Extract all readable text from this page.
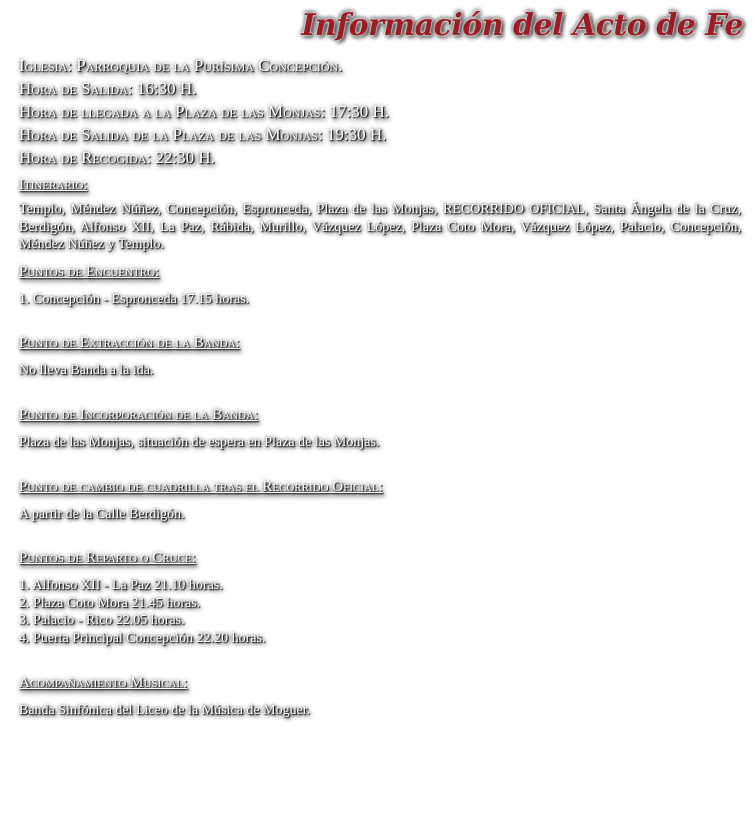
Información del Acto de Fe
Iglesia: Parroquia de la Purísima Concepción.
Hora de Salida: 16:30 H.
Hora de llegada a la Plaza de las Monjas: 17:30 H.
Hora de Salida de la Plaza de las Monjas: 19:30 H.
Hora de Recogida: 22:30 H.
Itinerario:
Templo, Méndez Núñez, Concepción, Espronceda, Plaza de las Monjas, RECORRIDO OFICIAL, Santa Ángela de la Cruz, Berdigón, Alfonso XII, La Paz, Rábida, Murillo, Vázquez López, Plaza Coto Mora, Vázquez López, Palacio, Concepción, Méndez Núñez y Templo.
Puntos de Encuentro:
1. Concepción - Espronceda 17.15 horas.
Punto de Extracción de la Banda:
No lleva Banda a la ida.
Punto de Incorporación de la Banda:
Plaza de las Monjas, situación de espera en Plaza de las Monjas.
Punto de cambio de cuadrilla tras el Recorrido Oficial:
A partir de la Calle Berdigón.
Puntos de Reparto o Cruce:
1. Alfonso XII - La Paz 21.10 horas.
2. Plaza Coto Mora 21.45 horas.
3. Palacio - Rico 22.05 horas.
4. Puerta Principal Concepción 22.20 horas.
Acompañamiento Musical:
Banda Sinfónica del Liceo de la Música de Moguer.
